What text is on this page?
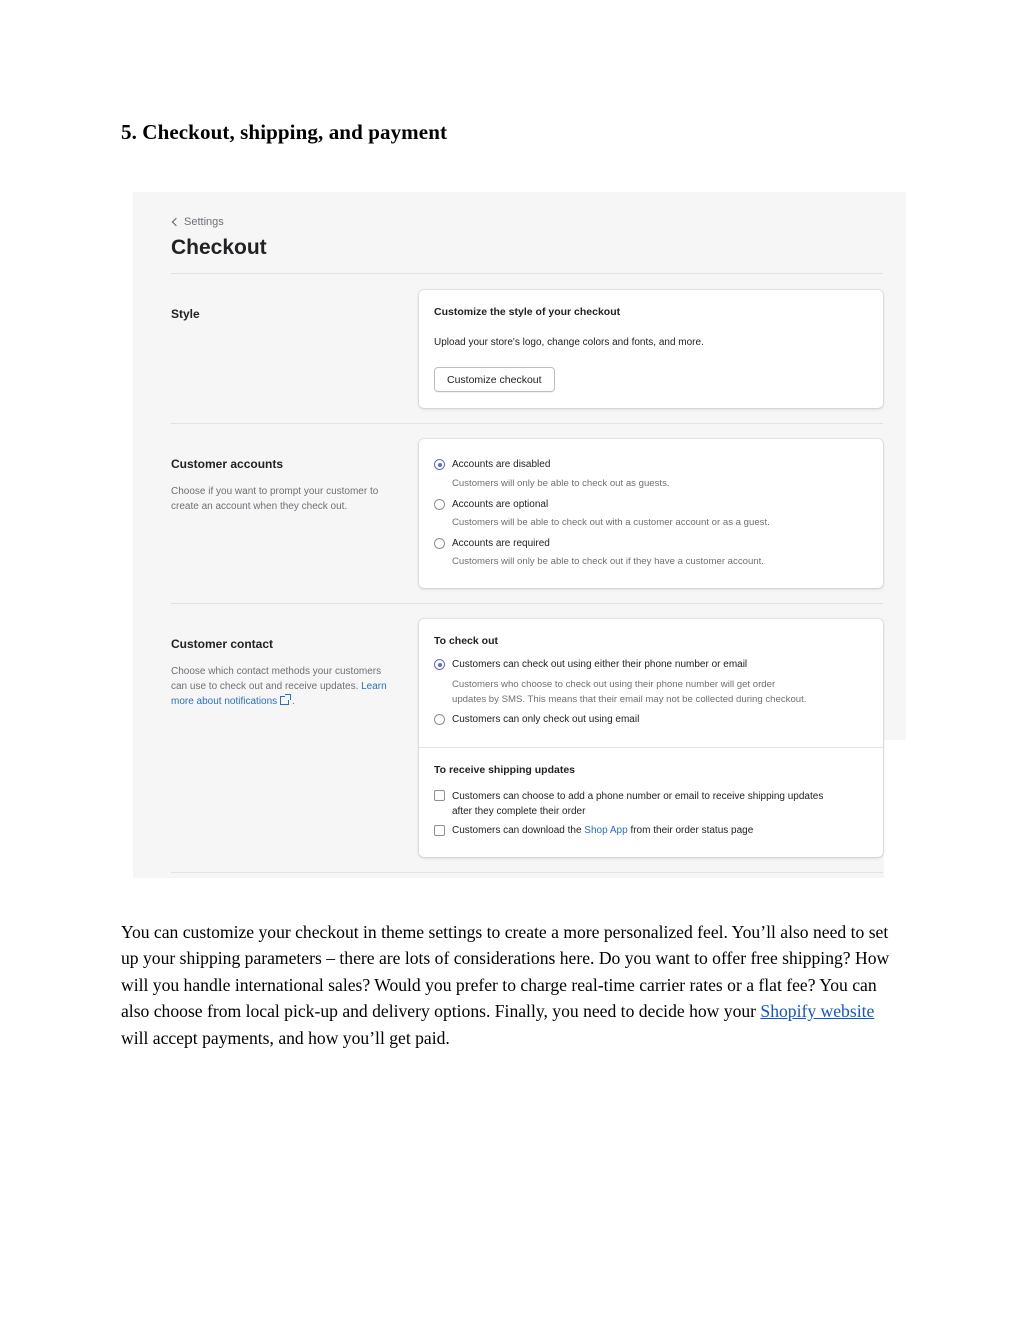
5. Checkout, shipping, and payment
Settings
Checkout
Style	Customize the style of your checkout
Upload your store's logo, change colors and fonts, and more.
Customize checkout
Customer accounts
Choose if you want to prompt your customer to create an account when they check out.
Accounts are disabled
Customers will only be able to check out as guests.
Accounts are optional
Customers will be able to check out with a customer account or as a guest.
Accounts are required
Customers will only be able to check out if they have a customer account.
Customer contact
Choose which contact methods your customers can use to check out and receive updates. Learn more about notifications .
To check out
Customers can check out using either their phone number or email
Customers who choose to check out using their phone number will get order
updates by SMS. This means that their email may not be collected during checkout.
Customers can only check out using email
To receive shipping updates
Customers can choose to add a phone number or email to receive shipping updates
after they complete their order
Customers can download the Shop App from their order status page

You can customize your checkout in theme settings to create a more personalized feel. You’ll also need to set up your shipping parameters – there are lots of considerations here. Do you want to offer free shipping? How will you handle international sales? Would you prefer to charge real-time carrier rates or a flat fee? You can also choose from local pick-up and delivery options. Finally, you need to decide how your Shopify website will accept payments, and how you’ll get paid.
